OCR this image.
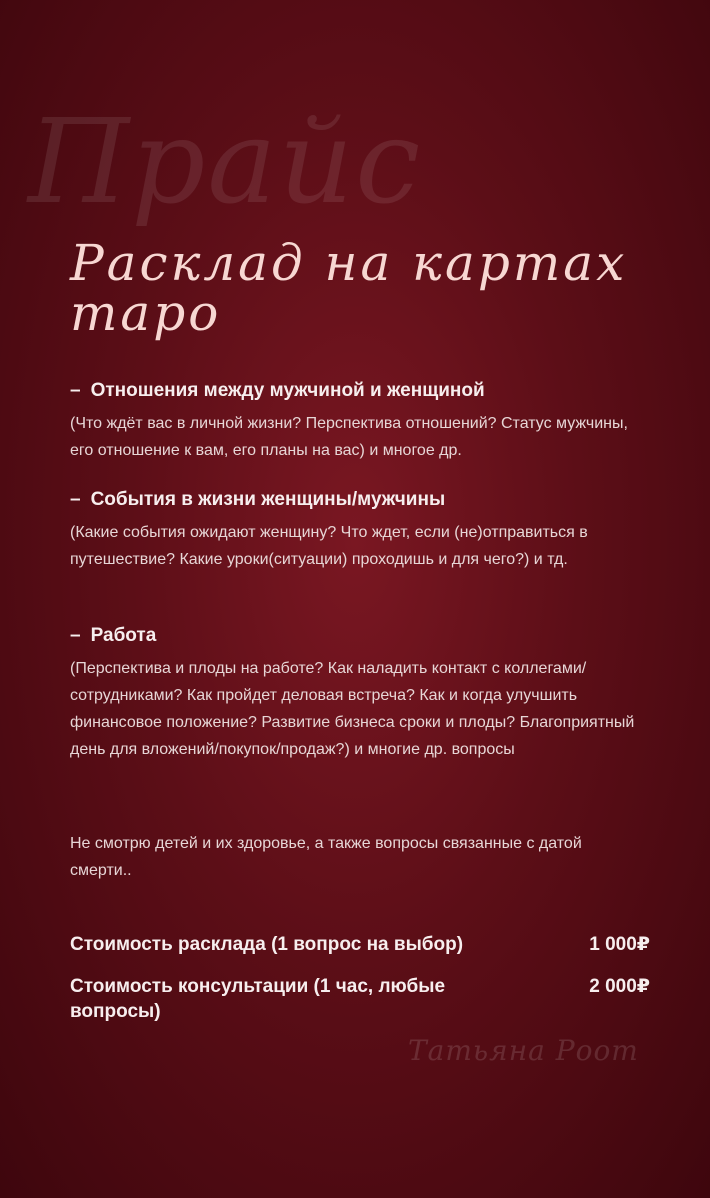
Прайс
Расклад на картах таро
– Отношения между мужчиной и женщиной

(Что ждёт вас в личной жизни? Перспектива отношений? Статус мужчины, его отношение к вам, его планы на вас) и многое др.

– События в жизни женщины/мужчины

(Какие события ожидают женщину? Что ждет, если (не)отправиться в путешествие? Какие уроки(ситуации) проходишь и для чего?) и тд.

– Работа

(Перспектива и плоды на работе? Как наладить контакт с коллегами/сотрудниками? Как пройдет деловая встреча? Как и когда улучшить финансовое положение? Развитие бизнеса сроки и плоды? Благоприятный день для вложений/покупок/продаж?) и многие др. вопросы

Не смотрю детей и их здоровье, а также вопросы связанные с датой смерти..
Стоимость расклада (1 вопрос на выбор)	1 000₽
Стоимость консультации (1 час, любые вопросы)
2 000₽
Татьяна Роот
